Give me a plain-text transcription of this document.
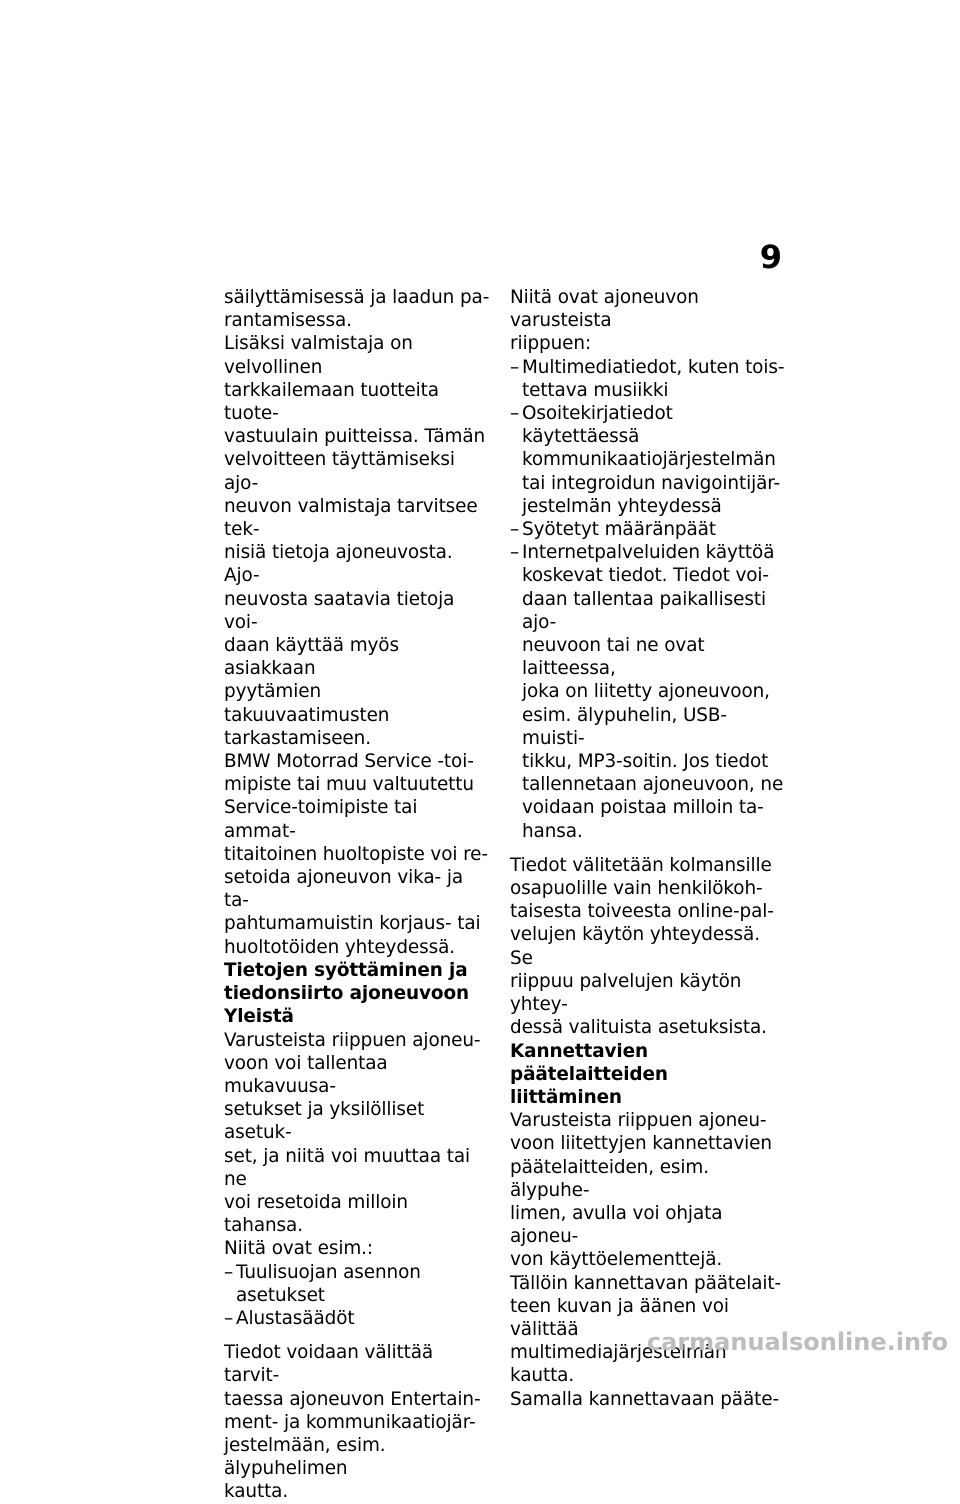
9

säilyttämisessä ja laadun pa-
rantamisessa.

Lisäksi valmistaja on velvollinen
tarkkailemaan tuotteita tuote-
vastuulain puitteissa. Tämän
velvoitteen täyttämiseksi ajo-
neuvon valmistaja tarvitsee tek-
nisiä tietoja ajoneuvosta. Ajo-
neuvosta saatavia tietoja voi-
daan käyttää myös asiakkaan
pyytämien takuuvaatimusten
tarkastamiseen.

BMW Motorrad Service -toi-
mipiste tai muu valtuutettu
Service-toimipiste tai ammat-
titaitoinen huoltopiste voi re-
setoida ajoneuvon vika- ja ta-
pahtumamuistin korjaus- tai
huoltotöiden yhteydessä.

Tietojen syöttäminen ja
tiedonsiirto ajoneuvoon

Yleistä

Varusteista riippuen ajoneu-
voon voi tallentaa mukavuusa-
setukset ja yksilölliset asetuk-
set, ja niitä voi muuttaa tai ne
voi resetoida milloin tahansa.

Niitä ovat esim.:

– Tuulisuojan asennon asetukset
– Alustasäädöt

Tiedot voidaan välittää tarvit-
taessa ajoneuvon Entertain-
ment- ja kommunikaatiojär-
jestelmään, esim. älypuhelimen
kautta.

Niitä ovat ajoneuvon varusteista
riippuen:

– Multimediatiedot, kuten tois-
tettava musiikki
– Osoitekirjatiedot käytettäessä
kommunikaatiojärjestelmän
tai integroidun navigointijär-
jestelmän yhteydessä
– Syötetyt määränpäät
– Internetpalveluiden käyttöä
koskevat tiedot. Tiedot voi-
daan tallentaa paikallisesti ajo-
neuvoon tai ne ovat laitteessa,
joka on liitetty ajoneuvoon,
esim. älypuhelin, USB-muisti-
tikku, MP3-soitin. Jos tiedot
tallennetaan ajoneuvoon, ne
voidaan poistaa milloin ta-
hansa.

Tiedot välitetään kolmansille
osapuolille vain henkilökoh-
taisesta toiveesta online-pal-
velujen käytön yhteydessä. Se
riippuu palvelujen käytön yhtey-
dessä valituista asetuksista.

Kannettavien päätelaitteiden
liittäminen

Varusteista riippuen ajoneu-
voon liitettyjen kannettavien
päätelaitteiden, esim. älypuhe-
limen, avulla voi ohjata ajoneu-
von käyttöelementtejä.

Tällöin kannettavan päätelait-
teen kuvan ja äänen voi välittää
multimediajärjestelmän kautta.
Samalla kannettavaan pääte-

carmanualsonline.info
